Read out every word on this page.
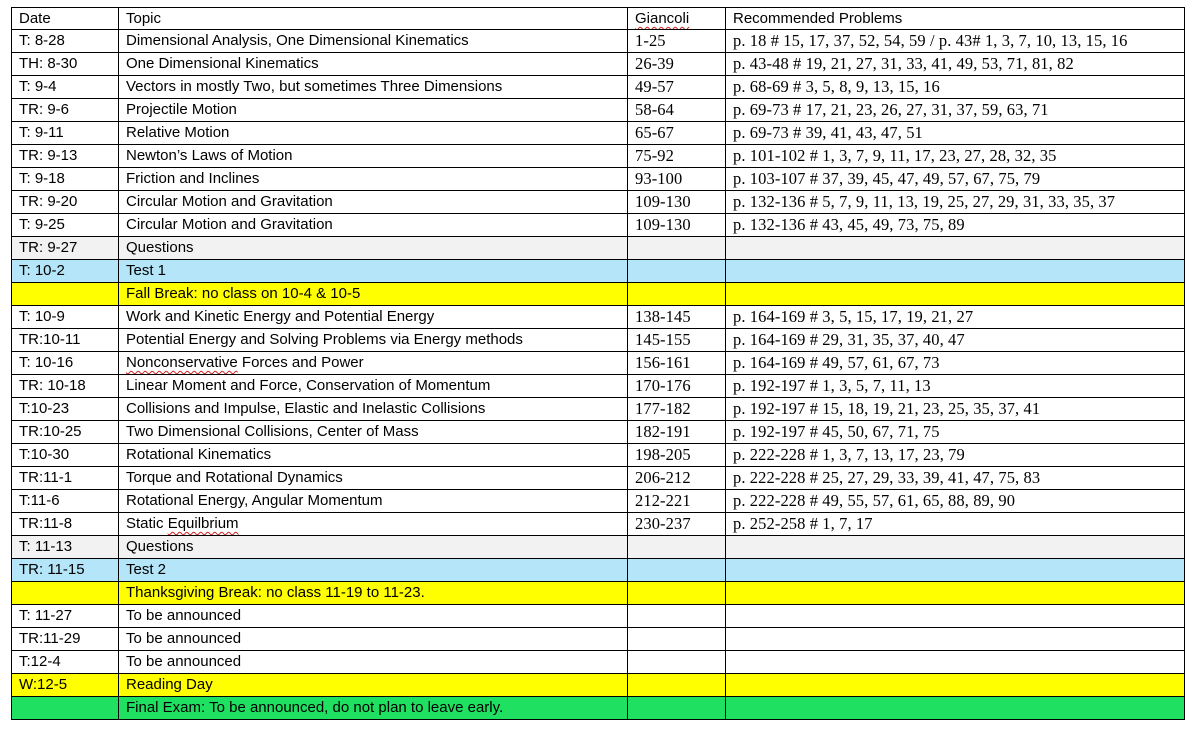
Date	Topic	Giancoli	Recommended Problems
T: 8-28	Dimensional Analysis, One Dimensional Kinematics	1-25	p. 18 # 15, 17, 37, 52, 54, 59 / p. 43# 1, 3, 7, 10, 13, 15, 16
TH: 8-30	One Dimensional Kinematics	26-39	p. 43-48 # 19, 21, 27, 31, 33, 41, 49, 53, 71, 81, 82
T: 9-4	Vectors in mostly Two, but sometimes Three Dimensions	49-57	p. 68-69 # 3, 5, 8, 9, 13, 15, 16
TR: 9-6	Projectile Motion	58-64	p. 69-73 # 17, 21, 23, 26, 27, 31, 37, 59, 63, 71
T: 9-11	Relative Motion	65-67	p. 69-73 # 39, 41, 43, 47, 51
TR: 9-13	Newton’s Laws of Motion	75-92	p. 101-102 # 1, 3, 7, 9, 11, 17, 23, 27, 28, 32, 35
T: 9-18	Friction and Inclines	93-100	p. 103-107 # 37, 39, 45, 47, 49, 57, 67, 75, 79
TR: 9-20	Circular Motion and Gravitation	109-130	p. 132-136 # 5, 7, 9, 11, 13, 19, 25, 27, 29, 31, 33, 35, 37
T: 9-25	Circular Motion and Gravitation	109-130	p. 132-136 # 43, 45, 49, 73, 75, 89
TR: 9-27	Questions		
T: 10-2	Test 1		
	Fall Break: no class on 10-4 & 10-5		
T: 10-9	Work and Kinetic Energy and Potential Energy	138-145	p. 164-169 # 3, 5, 15, 17, 19, 21, 27
TR:10-11	Potential Energy and Solving Problems via Energy methods	145-155	p. 164-169 # 29, 31, 35, 37, 40, 47
T: 10-16	Nonconservative Forces and Power	156-161	p. 164-169 # 49, 57, 61, 67, 73
TR: 10-18	Linear Moment and Force, Conservation of Momentum	170-176	p. 192-197 # 1, 3, 5, 7, 11, 13
T:10-23	Collisions and Impulse, Elastic and Inelastic Collisions	177-182	p. 192-197 # 15, 18, 19, 21, 23, 25, 35, 37, 41
TR:10-25	Two Dimensional Collisions, Center of Mass	182-191	p. 192-197 # 45, 50, 67, 71, 75
T:10-30	Rotational Kinematics	198-205	p. 222-228 # 1, 3, 7, 13, 17, 23, 79
TR:11-1	Torque and Rotational Dynamics	206-212	p. 222-228 # 25, 27, 29, 33, 39, 41, 47, 75, 83
T:11-6	Rotational Energy, Angular Momentum	212-221	p. 222-228 # 49, 55, 57, 61, 65, 88, 89, 90
TR:11-8	Static Equilbrium	230-237	p. 252-258 # 1, 7, 17
T: 11-13	Questions		
TR: 11-15	Test 2		
	Thanksgiving Break: no class 11-19 to 11-23.		
T: 11-27	To be announced		
TR:11-29	To be announced		
T:12-4	To be announced		
W:12-5	Reading Day		
	Final Exam: To be announced, do not plan to leave early.		
